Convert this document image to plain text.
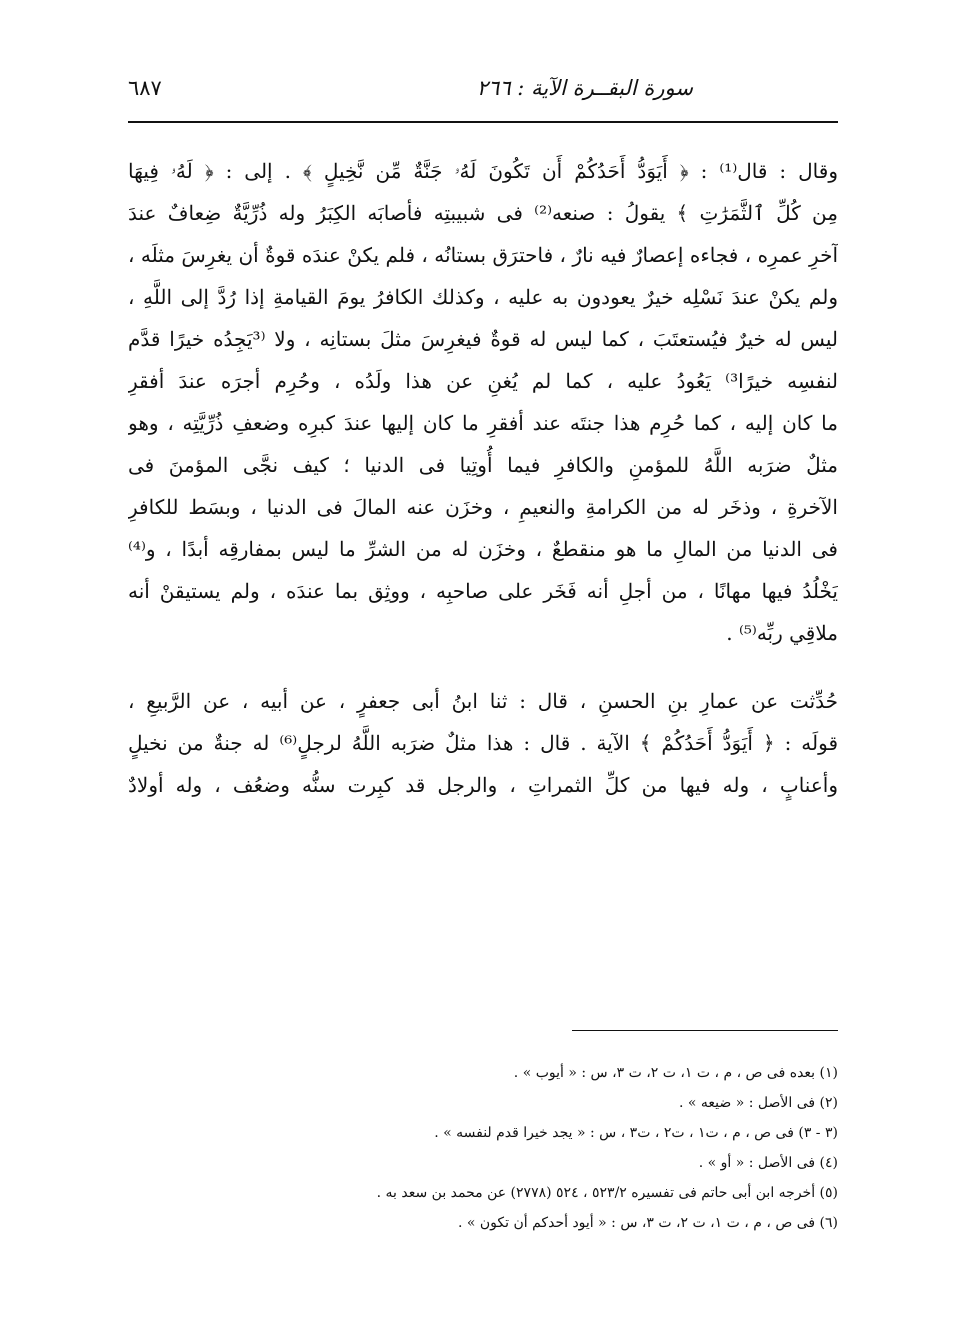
سورة البقــرة الآية : ٢٦٦
٦٨٧
وقال : قال⁽¹⁾ : ﴿ أَيَوَدُّ أَحَدُكُمْ أَن تَكُونَ لَهُۥ جَنَّةٌ مِّن نَّخِيلٍ ﴾ . إلى : ﴿ لَهُۥ فِيهَا
مِن كُلِّ ٱلثَّمَرَٰتِ ﴾ يقولُ : صنعه⁽²⁾ فى شبيبتِه فأصابَه الكِبَرُ وله ذُرِّيَّةٌ ضِعافٌ عندَ
آخرِ عمرِه ، فجاءه إعصارٌ فيه نارٌ ، فاحترَق بستانُه ، فلم يكنْ عندَه قوةٌ أن يغرِسَ مثلَه ،
ولم يكنْ عندَ نَسْلِه خيرٌ يعودون به عليه ، وكذلك الكافرُ يومَ القيامةِ إذا رُدَّ إلى اللَّهِ ،
ليس له خيرٌ فيُستعتَبَ ، كما ليس له قوةٌ فيغرِسَ مثلَ بستانِه ، ولا ⁽³يَجِدُه خيرًا قدَّم
لنفسِه خيرًا³⁾ يَعُودُ عليه ، كما لم يُغنِ عن هذا ولَدُه ، وحُرِم أجرَه عندَ أفقرِ
ما كان إليه ، كما حُرِم هذا جنتَه عند أفقرِ ما كان إليها عندَ كبرِه وضعفِ ذُرِّيَّتِه ، وهو
مثلٌ ضرَبه اللَّهُ للمؤمنِ والكافرِ فيما أُوتِيا فى الدنيا ؛ كيف نجَّى المؤمنَ فى
الآخرةِ ، وذخَر له من الكرامةِ والنعيمِ ، وخزَن عنه المالَ فى الدنيا ، وبسَط للكافرِ
فى الدنيا من المالِ ما هو منقطعٌ ، وخزَن له من الشرِّ ما ليس بمفارقِه أبدًا ، و⁽⁴⁾
يَخْلُدُ فيها مهانًا ، من أجلِ أنه فَخَر على صاحبِه ، ووثِق بما عندَه ، ولم يستيقنْ أنه
ملاقِي ربِّه⁽⁵⁾ .
حُدِّثت عن عمارِ بنِ الحسنِ ، قال : ثنا ابنُ أبى جعفرٍ ، عن أبيه ، عن الرَّبيعِ ،
قولَه : ﴿ أَيَوَدُّ أَحَدُكُمْ ﴾ الآية . قال : هذا مثلٌ ضرَبه اللَّهُ لرجلٍ⁽⁶⁾ له جنةٌ من نخيلٍ
وأعنابٍ ، وله فيها من كلِّ الثمراتِ ، والرجل قد كبِرت سنُّه وضعُف ، وله أولادٌ
(١) بعده فى ص ، م ، ت ١، ت ٢، ت ٣، س : « أيوب » .
(٢) فى الأصل : « ضيعه » .
(٣ - ٣) فى ص ، م ، ت١ ، ت٢ ، ت٣ ، س : « يجد خيرا قدم لنفسه » .
(٤) فى الأصل : « أو » .
(٥) أخرجه ابن أبى حاتم فى تفسيره ٥٢٣/٢ ، ٥٢٤ (٢٧٧٨) عن محمد بن سعد به .
(٦) فى ص ، م ، ت ١، ت ٢، ت ٣، س : « أيود أحدكم أن تكون » .
